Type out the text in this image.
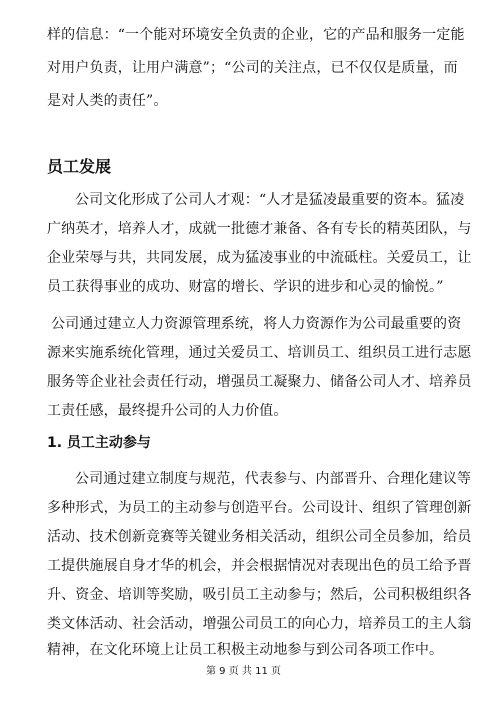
样的信息：“一个能对环境安全负责的企业，它的产品和服务一定能
对用户负责，让用户满意”；“公司的关注点，已不仅仅是质量，而
是对人类的责任”。
员工发展
公司文化形成了公司人才观：“人才是猛凌最重要的资本。猛凌
广纳英才，培养人才，成就一批德才兼备、各有专长的精英团队，与
企业荣辱与共，共同发展，成为猛凌事业的中流砥柱。关爱员工，让
员工获得事业的成功、财富的增长、学识的进步和心灵的愉悦。”
公司通过建立人力资源管理系统，将人力资源作为公司最重要的资
源来实施系统化管理，通过关爱员工、培训员工、组织员工进行志愿
服务等企业社会责任行动，增强员工凝聚力、储备公司人才、培养员
工责任感，最终提升公司的人力价值。
1. 员工主动参与
公司通过建立制度与规范，代表参与、内部晋升、合理化建议等
多种形式，为员工的主动参与创造平台。公司设计、组织了管理创新
活动、技术创新竞赛等关键业务相关活动，组织公司全员参加，给员
工提供施展自身才华的机会，并会根据情况对表现出色的员工给予晋
升、资金、培训等奖励，吸引员工主动参与；然后，公司积极组织各
类文体活动、社会活动，增强公司员工的向心力，培养员工的主人翁
精神，在文化环境上让员工积极主动地参与到公司各项工作中。
第 9 页 共 11 页
